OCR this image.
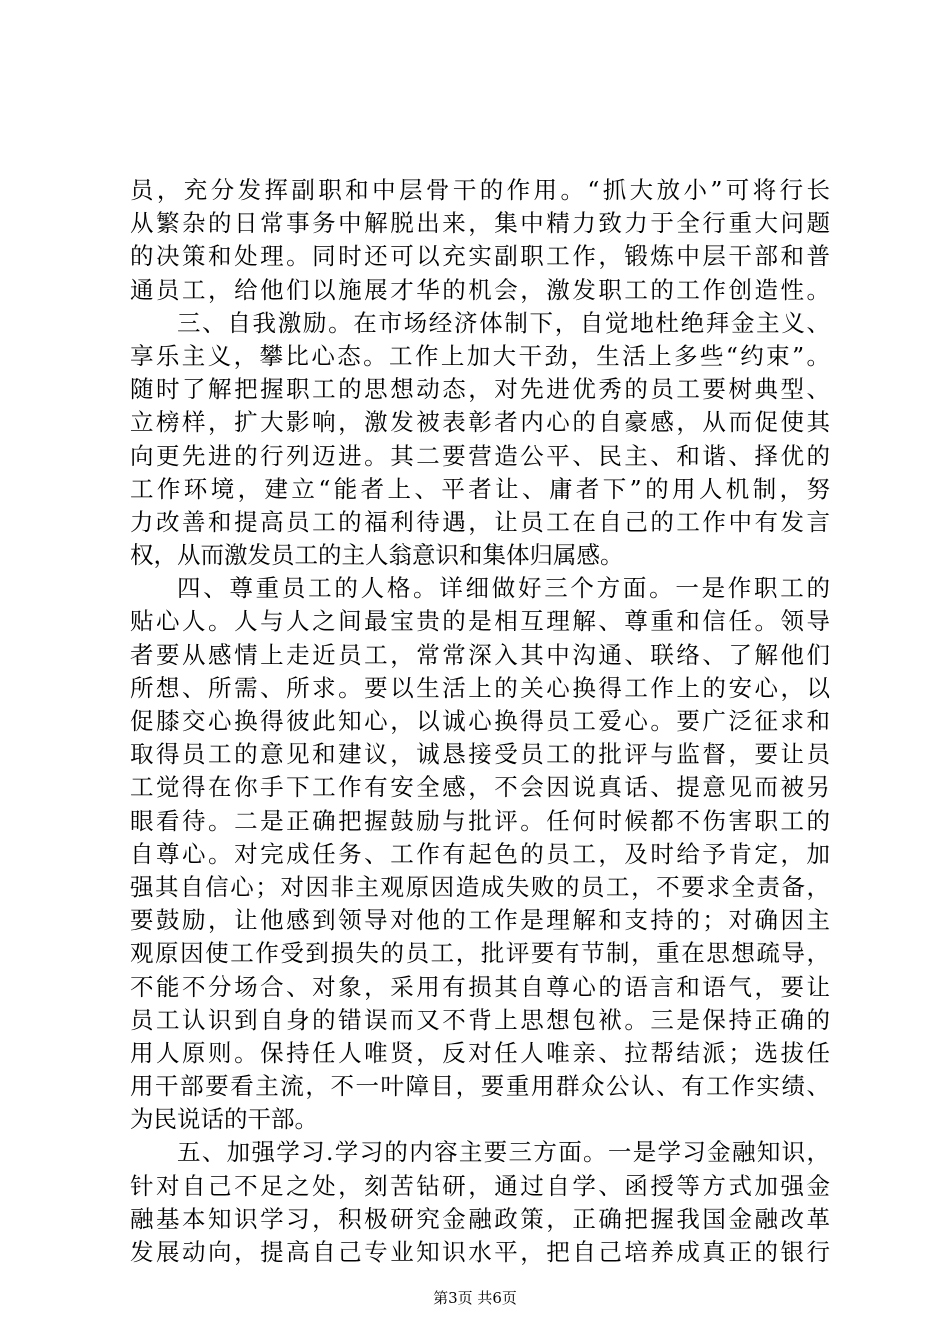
员，充分发挥副职和中层骨干的作用。“抓大放小”可将行长
从繁杂的日常事务中解脱出来，集中精力致力于全行重大问题
的决策和处理。同时还可以充实副职工作，锻炼中层干部和普
通员工，给他们以施展才华的机会，激发职工的工作创造性。
三、自我激励。在市场经济体制下，自觉地杜绝拜金主义、
享乐主义，攀比心态。工作上加大干劲，生活上多些“约束”。
随时了解把握职工的思想动态，对先进优秀的员工要树典型、
立榜样，扩大影响，激发被表彰者内心的自豪感，从而促使其
向更先进的行列迈进。其二要营造公平、民主、和谐、择优的
工作环境，建立“能者上、平者让、庸者下”的用人机制，努
力改善和提高员工的福利待遇，让员工在自己的工作中有发言
权，从而激发员工的主人翁意识和集体归属感。
四、尊重员工的人格。详细做好三个方面。一是作职工的
贴心人。人与人之间最宝贵的是相互理解、尊重和信任。领导
者要从感情上走近员工，常常深入其中沟通、联络、了解他们
所想、所需、所求。要以生活上的关心换得工作上的安心，以
促膝交心换得彼此知心，以诚心换得员工爱心。要广泛征求和
取得员工的意见和建议，诚恳接受员工的批评与监督，要让员
工觉得在你手下工作有安全感，不会因说真话、提意见而被另
眼看待。二是正确把握鼓励与批评。任何时候都不伤害职工的
自尊心。对完成任务、工作有起色的员工，及时给予肯定，加
强其自信心；对因非主观原因造成失败的员工，不要求全责备，
要鼓励，让他感到领导对他的工作是理解和支持的；对确因主
观原因使工作受到损失的员工，批评要有节制，重在思想疏导，
不能不分场合、对象，采用有损其自尊心的语言和语气，要让
员工认识到自身的错误而又不背上思想包袱。三是保持正确的
用人原则。保持任人唯贤，反对任人唯亲、拉帮结派；选拔任
用干部要看主流，不一叶障目，要重用群众公认、有工作实绩、
为民说话的干部。
五、加强学习.学习的内容主要三方面。一是学习金融知识，
针对自己不足之处，刻苦钻研，通过自学、函授等方式加强金
融基本知识学习，积极研究金融政策，正确把握我国金融改革
发展动向，提高自己专业知识水平，把自己培养成真正的银行
第3页 共6页
